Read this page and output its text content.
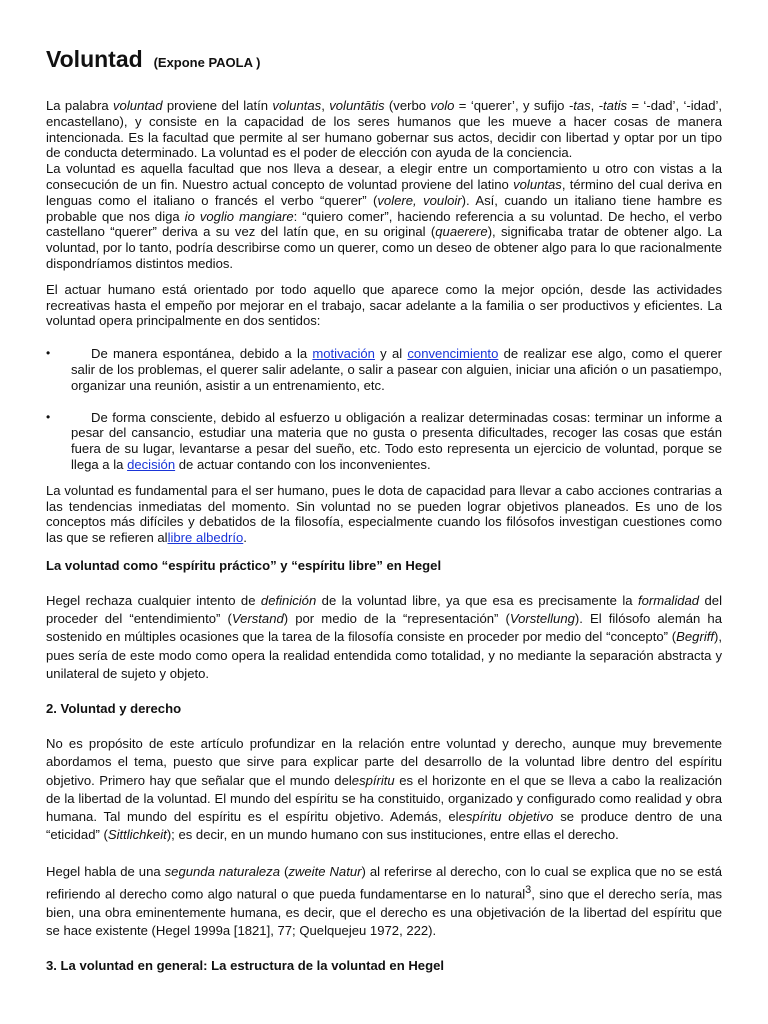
Voluntad (Expone PAOLA )

La palabra voluntad proviene del latín voluntas, voluntātis (verbo volo = ‘querer’, y sufijo -tas, -tatis = ‘-dad’, ‘-idad’, encastellano), y consiste en la capacidad de los seres humanos que les mueve a hacer cosas de manera intencionada. Es la facultad que permite al ser humano gobernar sus actos, decidir con libertad y optar por un tipo de conducta determinado. La voluntad es el poder de elección con ayuda de la conciencia.

La voluntad es aquella facultad que nos lleva a desear, a elegir entre un comportamiento u otro con vistas a la consecución de un fin. Nuestro actual concepto de voluntad proviene del latino voluntas, término del cual deriva en lenguas como el italiano o francés el verbo “querer” (volere, vouloir). Así, cuando un italiano tiene hambre es probable que nos diga io voglio mangiare: “quiero comer”, haciendo referencia a su voluntad. De hecho, el verbo castellano “querer” deriva a su vez del latín que, en su original (quaerere), significaba tratar de obtener algo. La voluntad, por lo tanto, podría describirse como un querer, como un deseo de obtener algo para lo que racionalmente dispondríamos distintos medios.

El actuar humano está orientado por todo aquello que aparece como la mejor opción, desde las actividades recreativas hasta el empeño por mejorar en el trabajo, sacar adelante a la familia o ser productivos y eficientes. La voluntad opera principalmente en dos sentidos:

•	De manera espontánea, debido a la motivación y al convencimiento de realizar ese algo, como el querer salir de los problemas, el querer salir adelante, o salir a pasear con alguien, iniciar una afición o un pasatiempo, organizar una reunión, asistir a un entrenamiento, etc.
•	De forma consciente, debido al esfuerzo u obligación a realizar determinadas cosas: terminar un informe a pesar del cansancio, estudiar una materia que no gusta o presenta dificultades, recoger las cosas que están fuera de su lugar, levantarse a pesar del sueño, etc. Todo esto representa un ejercicio de voluntad, porque se llega a la decisión de actuar contando con los inconvenientes.

La voluntad es fundamental para el ser humano, pues le dota de capacidad para llevar a cabo acciones contrarias a las tendencias inmediatas del momento. Sin voluntad no se pueden lograr objetivos planeados. Es uno de los conceptos más difíciles y debatidos de la filosofía, especialmente cuando los filósofos investigan cuestiones como las que se refieren allibre albedrío.

La voluntad como “espíritu práctico” y “espíritu libre” en Hegel

Hegel rechaza cualquier intento de definición de la voluntad libre, ya que esa es precisamente la formalidad del proceder del “entendimiento” (Verstand) por medio de la “representación” (Vorstellung). El filósofo alemán ha sostenido en múltiples ocasiones que la tarea de la filosofía consiste en proceder por medio del “concepto” (Begriff), pues sería de este modo como opera la realidad entendida como totalidad, y no mediante la separación abstracta y unilateral de sujeto y objeto.

2. Voluntad y derecho

No es propósito de este artículo profundizar en la relación entre voluntad y derecho, aunque muy brevemente abordamos el tema, puesto que sirve para explicar parte del desarrollo de la voluntad libre dentro del espíritu objetivo. Primero hay que señalar que el mundo delespíritu es el horizonte en el que se lleva a cabo la realización de la libertad de la voluntad. El mundo del espíritu se ha constituido, organizado y configurado como realidad y obra humana. Tal mundo del espíritu es el espíritu objetivo. Además, elespíritu objetivo se produce dentro de una “eticidad” (Sittlichkeit); es decir, en un mundo humano con sus instituciones, entre ellas el derecho.

Hegel habla de una segunda naturaleza (zweite Natur) al referirse al derecho, con lo cual se explica que no se está refiriendo al derecho como algo natural o que pueda fundamentarse en lo natural$^3$, sino que el derecho sería, mas bien, una obra eminentemente humana, es decir, que el derecho es una objetivación de la libertad del espíritu que se hace existente (Hegel 1999a [1821], 77; Quelquejeu 1972, 222).

3. La voluntad en general: La estructura de la voluntad en Hegel
